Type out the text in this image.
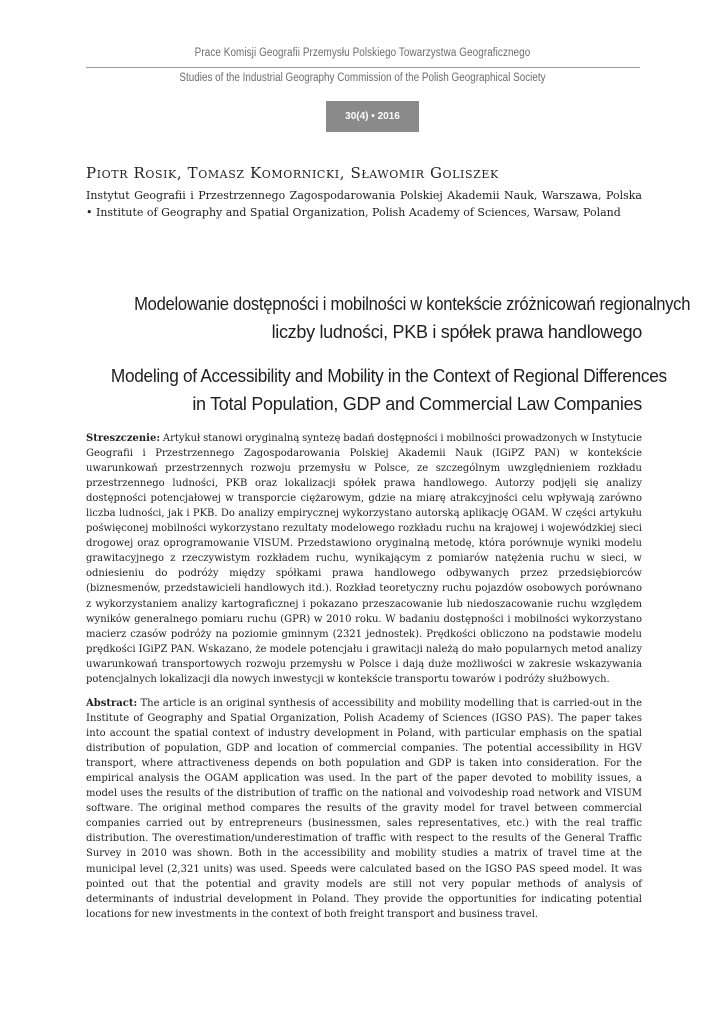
Prace Komisji Geografii Przemysłu Polskiego Towarzystwa Geograficznego
Studies of the Industrial Geography Commission of the Polish Geographical Society
30(4) • 2016
Piotr Rosik, Tomasz Komornicki, Sławomir Goliszek
Instytut Geografii i Przestrzennego Zagospodarowania Polskiej Akademii Nauk, Warszawa, Polska • Institute of Geography and Spatial Organization, Polish Academy of Sciences, Warsaw, Poland
Modelowanie dostępności i mobilności w kontekście zróżnicowań regionalnych
liczby ludności, PKB i spółek prawa handlowego
Modeling of Accessibility and Mobility in the Context of Regional Differences
in Total Population, GDP and Commercial Law Companies
Streszczenie: Artykuł stanowi oryginalną syntezę badań dostępności i mobilności prowadzonych w Instytucie Geografii i Przestrzennego Zagospodarowania Polskiej Akademii Nauk (IGiPZ PAN) w kontekście uwarunkowań przestrzennych rozwoju przemysłu w Polsce, ze szczególnym uwzględnieniem rozkładu przestrzennego ludności, PKB oraz lokalizacji spółek prawa handlowego. Autorzy podjęli się analizy dostępności potencjałowej w transporcie ciężarowym, gdzie na miarę atrakcyjności celu wpływają zarówno liczba ludności, jak i PKB. Do analizy empirycznej wykorzystano autorską aplikację OGAM. W części artykułu poświęconej mobilności wykorzystano rezultaty modelowego rozkładu ruchu na krajowej i wojewódzkiej sieci drogowej oraz oprogramowanie VISUM. Przedstawiono oryginalną metodę, która porównuje wyniki modelu grawitacyjnego z rzeczywistym rozkładem ruchu, wynikającym z pomiarów natężenia ruchu w sieci, w odniesieniu do podróży między spółkami prawa handlowego odbywanych przez przedsiębiorców (biznesmenów, przedstawicieli handlowych itd.). Rozkład teoretyczny ruchu pojazdów osobowych porównano z wykorzystaniem analizy kartograficznej i pokazano przeszacowanie lub niedoszacowanie ruchu względem wyników generalnego pomiaru ruchu (GPR) w 2010 roku. W badaniu dostępności i mobilności wykorzystano macierz czasów podróży na poziomie gminnym (2321 jednostek). Prędkości obliczono na podstawie modelu prędkości IGiPZ PAN. Wskazano, że modele potencjału i grawitacji należą do mało popularnych metod analizy uwarunkowań transportowych rozwoju przemysłu w Polsce i dają duże możliwości w zakresie wskazywania potencjalnych lokalizacji dla nowych inwestycji w kontekście transportu towarów i podróży służbowych.
Abstract: The article is an original synthesis of accessibility and mobility modelling that is carried-out in the Institute of Geography and Spatial Organization, Polish Academy of Sciences (IGSO PAS). The paper takes into account the spatial context of industry development in Poland, with particular emphasis on the spatial distribution of population, GDP and location of commercial companies. The potential accessibility in HGV transport, where attractiveness depends on both population and GDP is taken into consideration. For the empirical analysis the OGAM application was used. In the part of the paper devoted to mobility issues, a model uses the results of the distribution of traffic on the national and voivodeship road network and VISUM software. The original method compares the results of the gravity model for travel between commercial companies carried out by entrepreneurs (businessmen, sales representatives, etc.) with the real traffic distribution. The overestimation/underestimation of traffic with respect to the results of the General Traffic Survey in 2010 was shown. Both in the accessibility and mobility studies a matrix of travel time at the municipal level (2,321 units) was used. Speeds were calculated based on the IGSO PAS speed model. It was pointed out that the potential and gravity models are still not very popular methods of analysis of determinants of industrial development in Poland. They provide the opportunities for indicating potential locations for new investments in the context of both freight transport and business travel.
